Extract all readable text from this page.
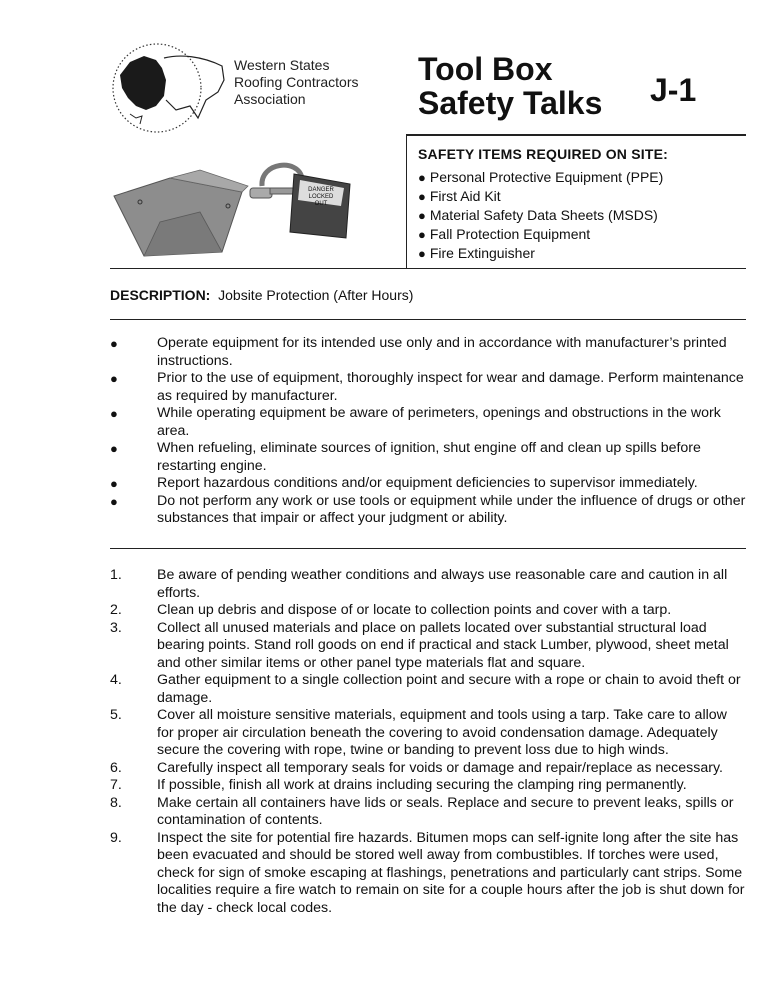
Western States
Roofing Contractors
Association
Tool Box
Safety Talks J-1
DANGER
LOCKED
OUT
SAFETY ITEMS REQUIRED ON SITE:
● Personal Protective Equipment (PPE)
● First Aid Kit
● Material Safety Data Sheets (MSDS)
● Fall Protection Equipment
● Fire Extinguisher
DESCRIPTION: Jobsite Protection (After Hours)
●	Operate equipment for its intended use only and in accordance with manufacturer’s printed instructions.
●	Prior to the use of equipment, thoroughly inspect for wear and damage. Perform maintenance as required by manufacturer.
●	While operating equipment be aware of perimeters, openings and obstructions in the work area.
●	When refueling, eliminate sources of ignition, shut engine off and clean up spills before restarting engine.
●	Report hazardous conditions and/or equipment deficiencies to supervisor immediately.
●	Do not perform any work or use tools or equipment while under the influence of drugs or other substances that impair or affect your judgment or ability.
1. Be aware of pending weather conditions and always use reasonable care and caution in all efforts.
2. Clean up debris and dispose of or locate to collection points and cover with a tarp.
3. Collect all unused materials and place on pallets located over substantial structural load bearing points. Stand roll goods on end if practical and stack Lumber, plywood, sheet metal and other similar items or other panel type materials flat and square.
4. Gather equipment to a single collection point and secure with a rope or chain to avoid theft or damage.
5. Cover all moisture sensitive materials, equipment and tools using a tarp. Take care to allow for proper air circulation beneath the covering to avoid condensation damage. Adequately secure the covering with rope, twine or banding to prevent loss due to high winds.
6. Carefully inspect all temporary seals for voids or damage and repair/replace as necessary.
7. If possible, finish all work at drains including securing the clamping ring permanently.
8. Make certain all containers have lids or seals. Replace and secure to prevent leaks, spills or contamination of contents.
9. Inspect the site for potential fire hazards. Bitumen mops can self-ignite long after the site has been evacuated and should be stored well away from combustibles. If torches were used, check for sign of smoke escaping at flashings, penetrations and particularly cant strips. Some localities require a fire watch to remain on site for a couple hours after the job is shut down for the day - check local codes.
